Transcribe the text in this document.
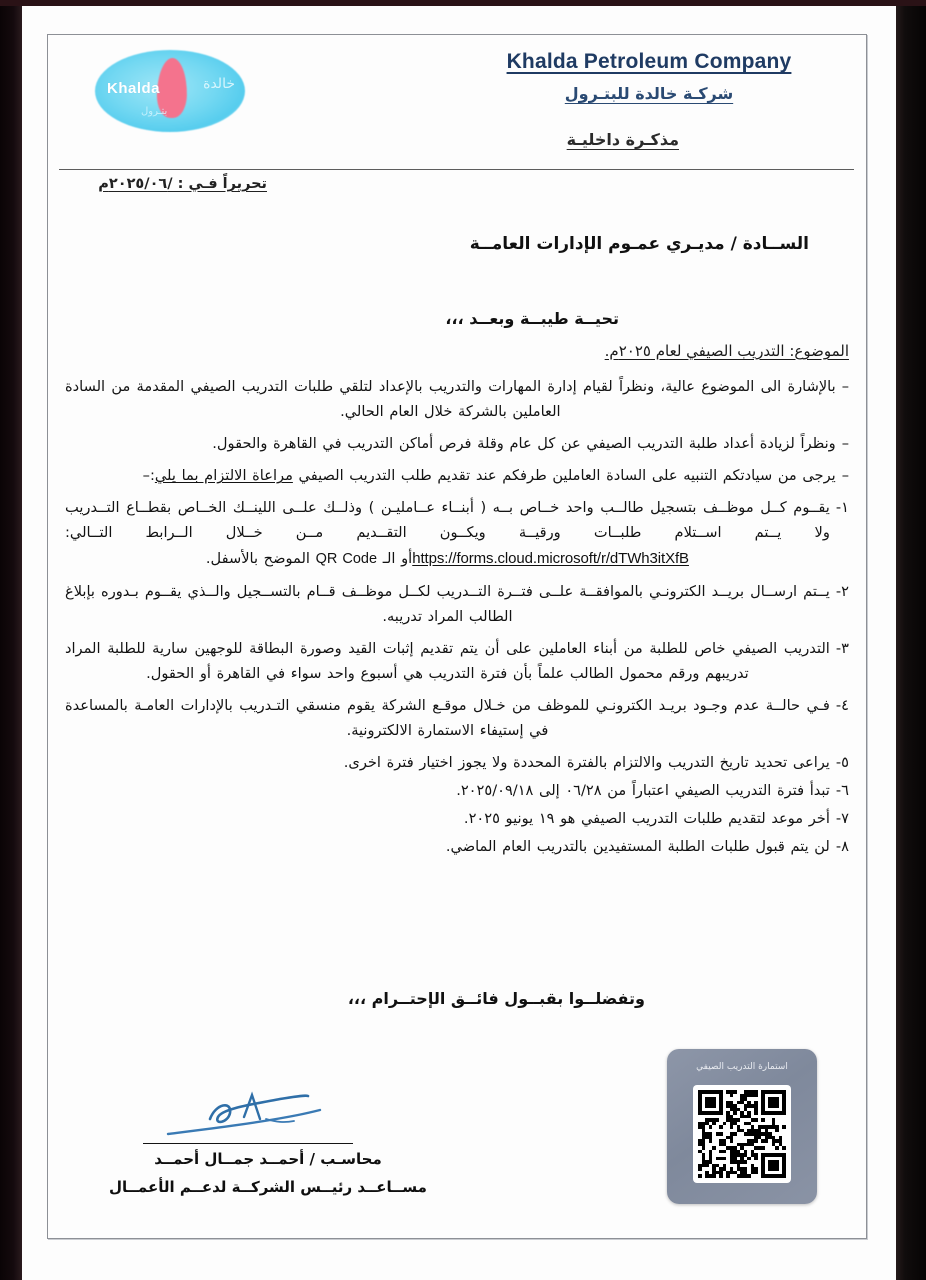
Khalda	خالدة
بتـرول
Khalda Petroleum Company
شركـة خالدة للبتـرول
مذكـرة داخليـة
تحريراً فـي : /٢٠٢٥/٠٦م
الســادة / مديـري عمـوم الإدارات العامــة
تحيــة طيبــة وبعــد ،،،
الموضوع: التدريب الصيفي لعام ٢٠٢٥م.
–
بالإشارة الى الموضوع عالية، ونظراً لقيام إدارة المهارات والتدريب بالإعداد لتلقي طلبات التدريب الصيفي المقدمة من السادة العاملين بالشركة خلال العام الحالي.
–
ونظراً لزيادة أعداد طلبة التدريب الصيفي عن كل عام وقلة فرص أماكن التدريب في القاهرة والحقول.
–
يرجى من سيادتكم التنبيه على السادة العاملين طرفكم عند تقديم طلب التدريب الصيفي مراعاة الالتزام بما يلي:–
١-
يقــوم كــل موظــف بتسجيل طالــب واحد خــاص بــه ( أبنــاء عــامليـن ) وذلــك علــى اللينــك الخــاص بقطــاع التــدريب ولا يــتم اســتلام طلبــات ورقيــة ويكــون التقــديم مــن خــلال الــرابط التــالي: https://forms.cloud.microsoft/r/dTWh3itXfBأو الـ QR Code الموضح بالأسفل.
٢-
يــتم ارســال بريــد الكترونـي بالموافقــة علــى فتــرة التــدريب لكــل موظــف قــام بالتســجيل والــذي يقــوم بـدوره بإبلاغ الطالب المراد تدريبه.
٣-
التدريب الصيفي خاص للطلبة من أبناء العاملين على أن يتم تقديم إثبات القيد وصورة البطاقة للوجهين سارية للطلبة المراد تدريبهم ورقم محمول الطالب علماً بأن فترة التدريب هي أسبوع واحد سواء في القاهرة أو الحقول.
٤-
فـي حالــة عدم وجـود بريـد الكترونـي للموظف من خـلال موقـع الشركة يقوم منسقي التـدريب بالإدارات العامـة بالمساعدة في إستيفاء الاستمارة الالكترونية.
٥-
يراعى تحديد تاريخ التدريب والالتزام بالفترة المحددة ولا يجوز اختيار فترة اخرى.
٦-
تبدأ فترة التدريب الصيفي اعتباراً من ٠٦/٢٨ إلى ٢٠٢٥/٠٩/١٨.
٧-
أخر موعد لتقديم طلبات التدريب الصيفي هو ١٩ يونيو ٢٠٢٥.
٨-
لن يتم قبول طلبات الطلبة المستفيدين بالتدريب العام الماضي.
وتفضلــوا بقبــول فائــق الإحتــرام ،،،
محاسـب / أحمــد جمــال أحمــد
مســاعــد رئيــس الشركــة لدعــم الأعمــال
استمارة التدريب الصيفي
